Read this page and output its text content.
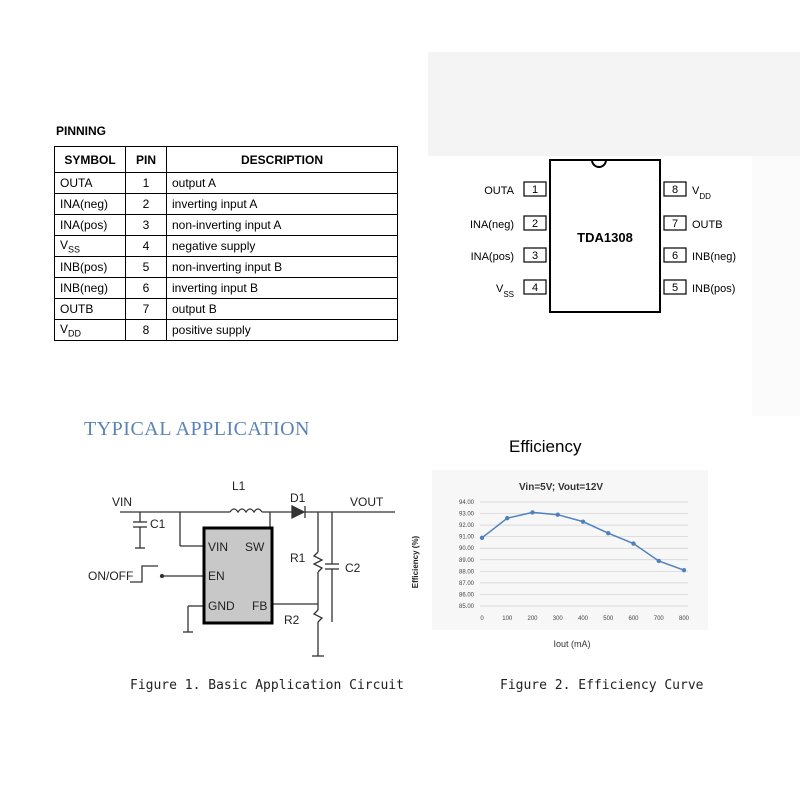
PINNING
SYMBOL	PIN	DESCRIPTION
OUTA	1	output A
INA(neg)	2	inverting input A
INA(pos)	3	non-inverting input A
$V_{SS}$	4	negative supply
INB(pos)	5	non-inverting input B
INB(neg)	6	inverting input B
OUTB	7	output B
$V_{DD}$	8	positive supply
TDA1308
1
OUTA
2
INA(neg)
3
INA(pos)
4
$V_{SS}$
8 $V_{DD}$
7 OUTB
6 INB(neg)
5 INB(pos)
TYPICAL APPLICATION
VIN SW
EN
GND FB
VIN
L1
D1	VOUT
C1
C2
R1
R2
ON/OFF
Efficiency
Vin=5V; Vout=12V
Efficiency (%)
Iout (mA)
94.00
93.00
92.00
91.00
90.00
89.00
88.00
87.00
86.00
85.00
0	100	200	300	400	500	600	700	800
Figure 1. Basic Application Circuit	Figure 2. Efficiency Curve
